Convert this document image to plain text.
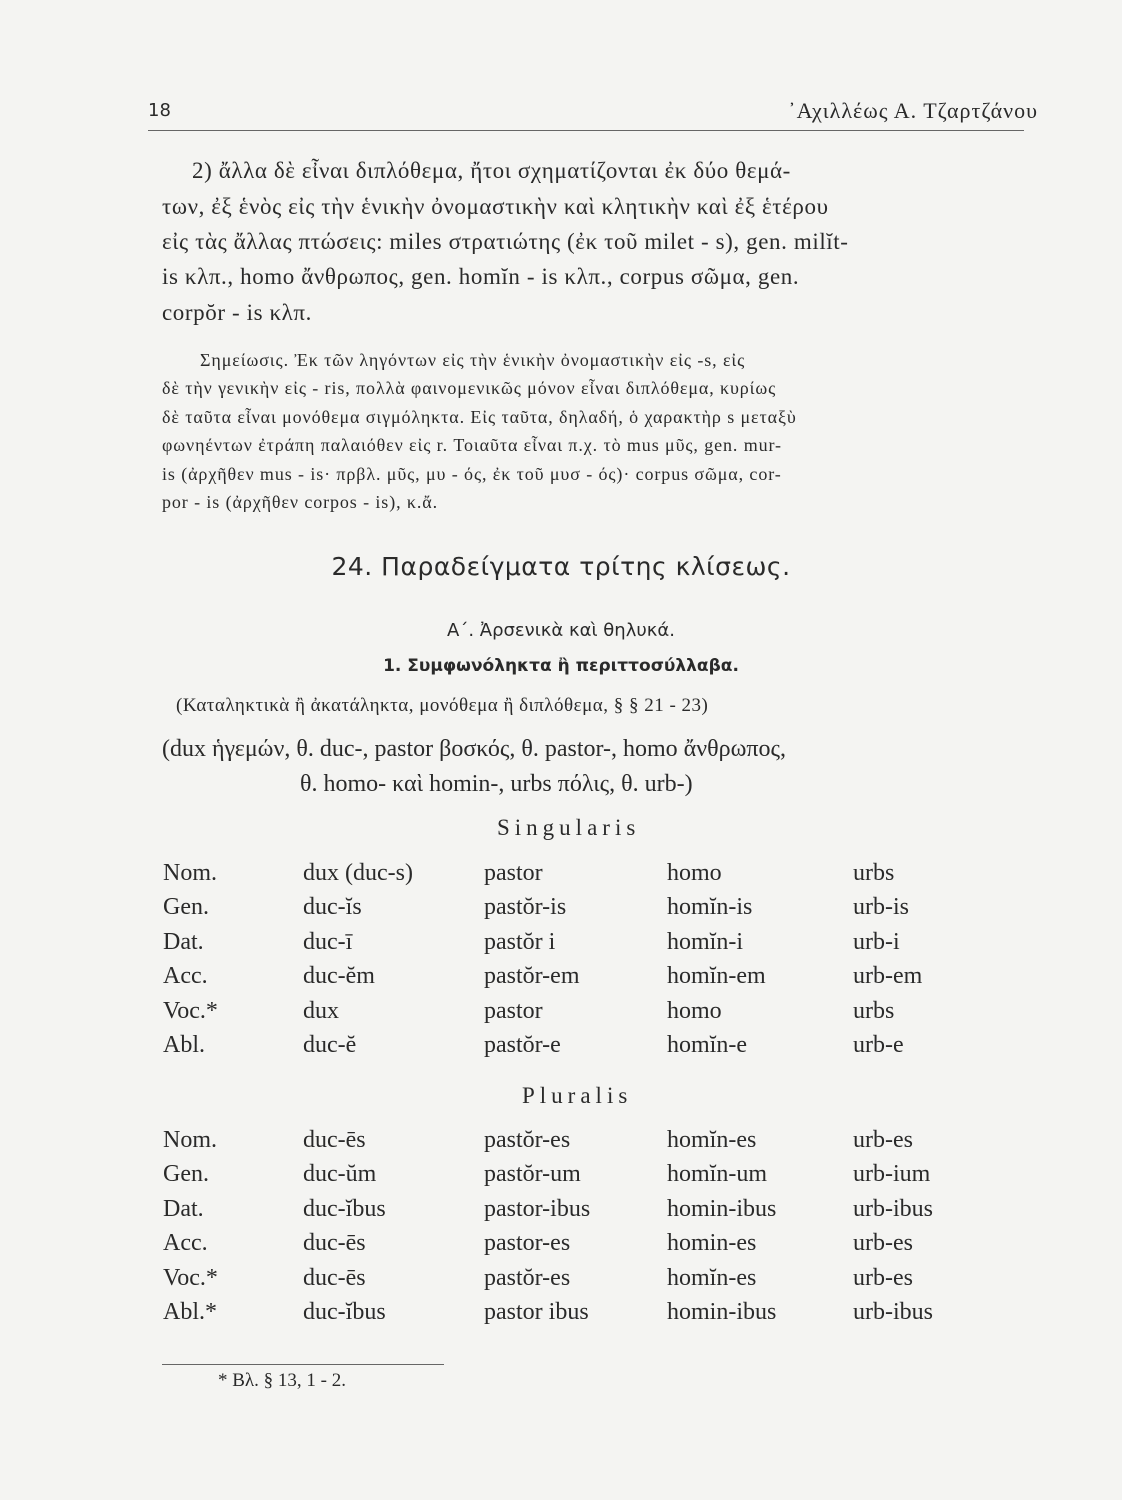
18	᾿Αχιλλέως Α. Τζαρτζάνου
2) ἄλλα δὲ εἶναι διπλόθεμα, ἤτοι σχηματίζονται ἐκ δύο θεμά-
των, ἐξ ἑνὸς εἰς τὴν ἑνικὴν ὀνομαστικὴν καὶ κλητικὴν καὶ ἐξ ἑτέρου
εἰς τὰς ἄλλας πτώσεις: miles στρατιώτης (ἐκ τοῦ milet - s), gen. milĭt-
is κλπ., homo ἄνθρωπος, gen. homĭn - is κλπ., corpus σῶμα, gen.
corpŏr - is κλπ.
Σημείωσις. Ἐκ τῶν ληγόντων εἰς τὴν ἑνικὴν ὀνομαστικὴν εἰς -s, εἰς
δὲ τὴν γενικὴν εἰς - ris, πολλὰ φαινομενικῶς μόνον εἶναι διπλόθεμα, κυρίως
δὲ ταῦτα εἶναι μονόθεμα σιγμόληκτα. Εἰς ταῦτα, δηλαδή, ὁ χαρακτὴρ s μεταξὺ
φωνηέντων ἐτράπη παλαιόθεν εἰς r. Τοιαῦτα εἶναι π.χ. τὸ mus μῦς, gen. mur-
is (ἀρχῆθεν mus - is· πρβλ. μῦς, μυ - ός, ἐκ τοῦ μυσ - ός)· corpus σῶμα, cor-
por - is (ἀρχῆθεν corpos - is), κ.ἄ.
24. Παραδείγματα τρίτης κλίσεως.
Α΄. Ἀρσενικὰ καὶ θηλυκά.
1. Συμφωνόληκτα ἢ περιττοσύλλαβα.
(Καταληκτικὰ ἢ ἀκατάληκτα, μονόθεμα ἢ διπλόθεμα, § § 21 - 23)
(dux ἡγεμών, θ. duc-, pastor βοσκός, θ. pastor-, homo ἄνθρωπος,
θ. homo- καὶ homin-, urbs πόλις, θ. urb-)
Singularis
Nom.	dux (duc-s)	pastor	homo	urbs
Gen.	duc-ĭs	pastŏr-is	homĭn-is	urb-is
Dat.	duc-ī	pastŏr i	homĭn-i	urb-i
Acc.	duc-ĕm	pastŏr-em	homĭn-em	urb-em
Voc.*	dux	pastor	homo	urbs
Abl.	duc-ĕ	pastŏr-e	homĭn-e	urb-e
Pluralis
Nom.	duc-ēs	pastŏr-es	homĭn-es	urb-es
Gen.	duc-ŭm	pastŏr-um	homĭn-um	urb-ium
Dat.	duc-ĭbus	pastor-ibus	homin-ibus	urb-ibus
Acc.	duc-ēs	pastor-es	homin-es	urb-es
Voc.*	duc-ēs	pastŏr-es	homĭn-es	urb-es
Abl.*	duc-ĭbus	pastor ibus	homin-ibus	urb-ibus
* Βλ. § 13, 1 - 2.
